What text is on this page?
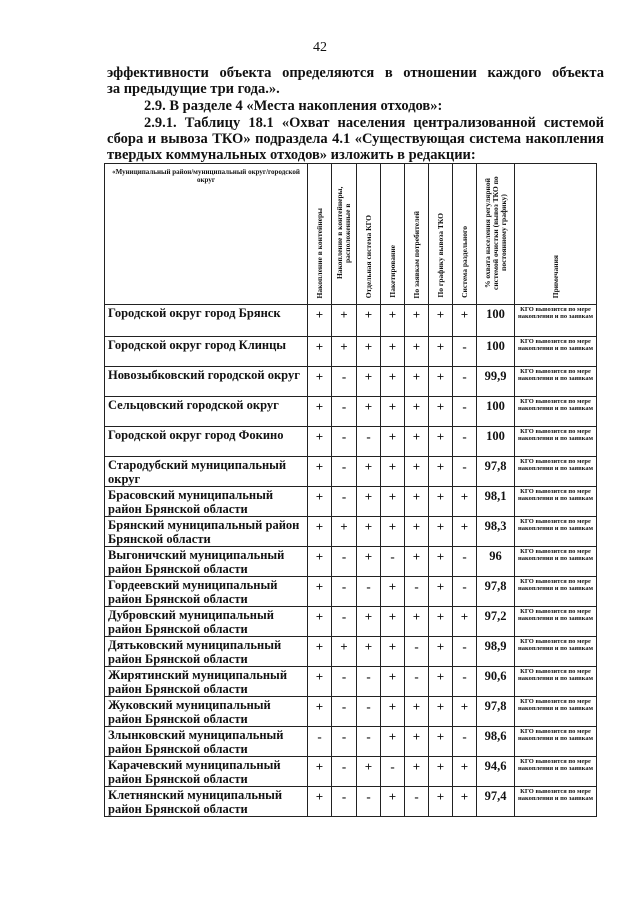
42
эффективности объекта определяются в отношении каждого объекта
за предыдущие три года.».
2.9. В разделе 4 «Места накопления отходов»:
2.9.1. Таблицу 18.1 «Охват населения централизованной системой
сбора и вывоза ТКО» подраздела 4.1 «Существующая система накопления
твердых коммунальных отходов» изложить в редакции:
«Муниципальный район/муниципальный округ/городской округ	Накопление в контейнеры	Накопление в контейнеры, расположенные в	Отдельная система КГО	Пакетирование	По заявкам потребителей	По графику вывоза ТКО	Система раздельного	% охвата населения регулярной системой очистки (вывоз ТКО по постоянному графику)	Примечания
Городской округ город Брянск	+	+	+	+	+	+	+	100	КГО вывозится по мере накопления и по заявкам
Городской округ город Клинцы	+	+	+	+	+	+	-	100	КГО вывозится по мере накопления и по заявкам
Новозыбковский городской округ	+	-	+	+	+	+	-	99,9	КГО вывозится по мере накопления и по заявкам
Сельцовский городской округ	+	-	+	+	+	+	-	100	КГО вывозится по мере накопления и по заявкам
Городской округ город Фокино	+	-	-	+	+	+	-	100	КГО вывозится по мере накопления и по заявкам
Стародубский муниципальный округ	+	-	+	+	+	+	-	97,8	КГО вывозится по мере накопления и по заявкам
Брасовский муниципальный район Брянской области	+	-	+	+	+	+	+	98,1	КГО вывозится по мере накопления и по заявкам
Брянский муниципальный район Брянской области	+	+	+	+	+	+	+	98,3	КГО вывозится по мере накопления и по заявкам
Выгоничский муниципальный район Брянской области	+	-	+	-	+	+	-	96	КГО вывозится по мере накопления и по заявкам
Гордеевский муниципальный район Брянской области	+	-	-	+	-	+	-	97,8	КГО вывозится по мере накопления и по заявкам
Дубровский муниципальный район Брянской области	+	-	+	+	+	+	+	97,2	КГО вывозится по мере накопления и по заявкам
Дятьковский муниципальный район Брянской области	+	+	+	+	-	+	-	98,9	КГО вывозится по мере накопления и по заявкам
Жирятинский муниципальный район Брянской области	+	-	-	+	-	+	-	90,6	КГО вывозится по мере накопления и по заявкам
Жуковский муниципальный район Брянской области	+	-	-	+	+	+	+	97,8	КГО вывозится по мере накопления и по заявкам
Злынковский муниципальный район Брянской области	-	-	-	+	+	+	-	98,6	КГО вывозится по мере накопления и по заявкам
Карачевский муниципальный район Брянской области	+	-	+	-	+	+	+	94,6	КГО вывозится по мере накопления и по заявкам
Клетнянский муниципальный район Брянской области	+	-	-	+	-	+	+	97,4	КГО вывозится по мере накопления и по заявкам
